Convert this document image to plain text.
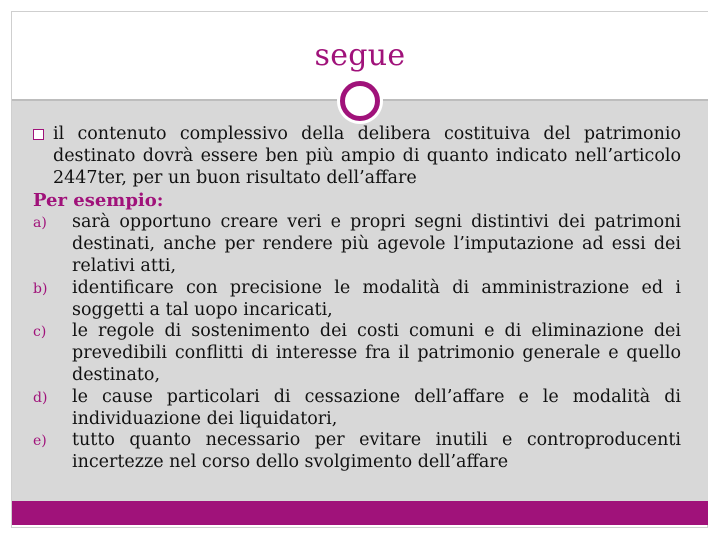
segue

il contenuto complessivo della delibera costituiva del patrimonio destinato dovrà essere ben più ampio di quanto indicato nell’articolo 2447ter, per un buon risultato dell’affare

Per esempio:

a) sarà opportuno creare veri e propri segni distintivi dei patrimoni destinati, anche per rendere più agevole l’imputazione ad essi dei relativi atti,
b) identificare con precisione le modalità di amministrazione ed i soggetti a tal uopo incaricati,
c) le regole di sostenimento dei costi comuni e di eliminazione dei prevedibili conflitti di interesse fra il patrimonio generale e quello destinato,
d) le cause particolari di cessazione dell’affare e le modalità di individuazione dei liquidatori,
e) tutto quanto necessario per evitare inutili e controproducenti incertezze nel corso dello svolgimento dell’affare
